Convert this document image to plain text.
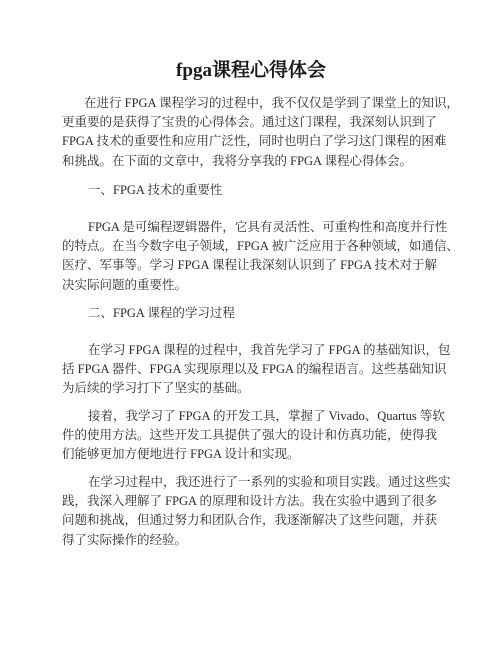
fpga课程心得体会
在进行 FPGA 课程学习的过程中，我不仅仅是学到了课堂上的知识，
更重要的是获得了宝贵的心得体会。通过这门课程，我深刻认识到了
FPGA 技术的重要性和应用广泛性，同时也明白了学习这门课程的困难
和挑战。在下面的文章中，我将分享我的 FPGA 课程心得体会。
一、FPGA 技术的重要性
FPGA 是可编程逻辑器件，它具有灵活性、可重构性和高度并行性
的特点。在当今数字电子领域，FPGA 被广泛应用于各种领域，如通信、
医疗、军事等。学习 FPGA 课程让我深刻认识到了 FPGA 技术对于解
决实际问题的重要性。
二、FPGA 课程的学习过程
在学习 FPGA 课程的过程中，我首先学习了 FPGA 的基础知识，包
括 FPGA 器件、FPGA 实现原理以及 FPGA 的编程语言。这些基础知识
为后续的学习打下了坚实的基础。
接着，我学习了 FPGA 的开发工具，掌握了 Vivado、Quartus 等软
件的使用方法。这些开发工具提供了强大的设计和仿真功能，使得我
们能够更加方便地进行 FPGA 设计和实现。
在学习过程中，我还进行了一系列的实验和项目实践。通过这些实
践，我深入理解了 FPGA 的原理和设计方法。我在实验中遇到了很多
问题和挑战，但通过努力和团队合作，我逐渐解决了这些问题，并获
得了实际操作的经验。
